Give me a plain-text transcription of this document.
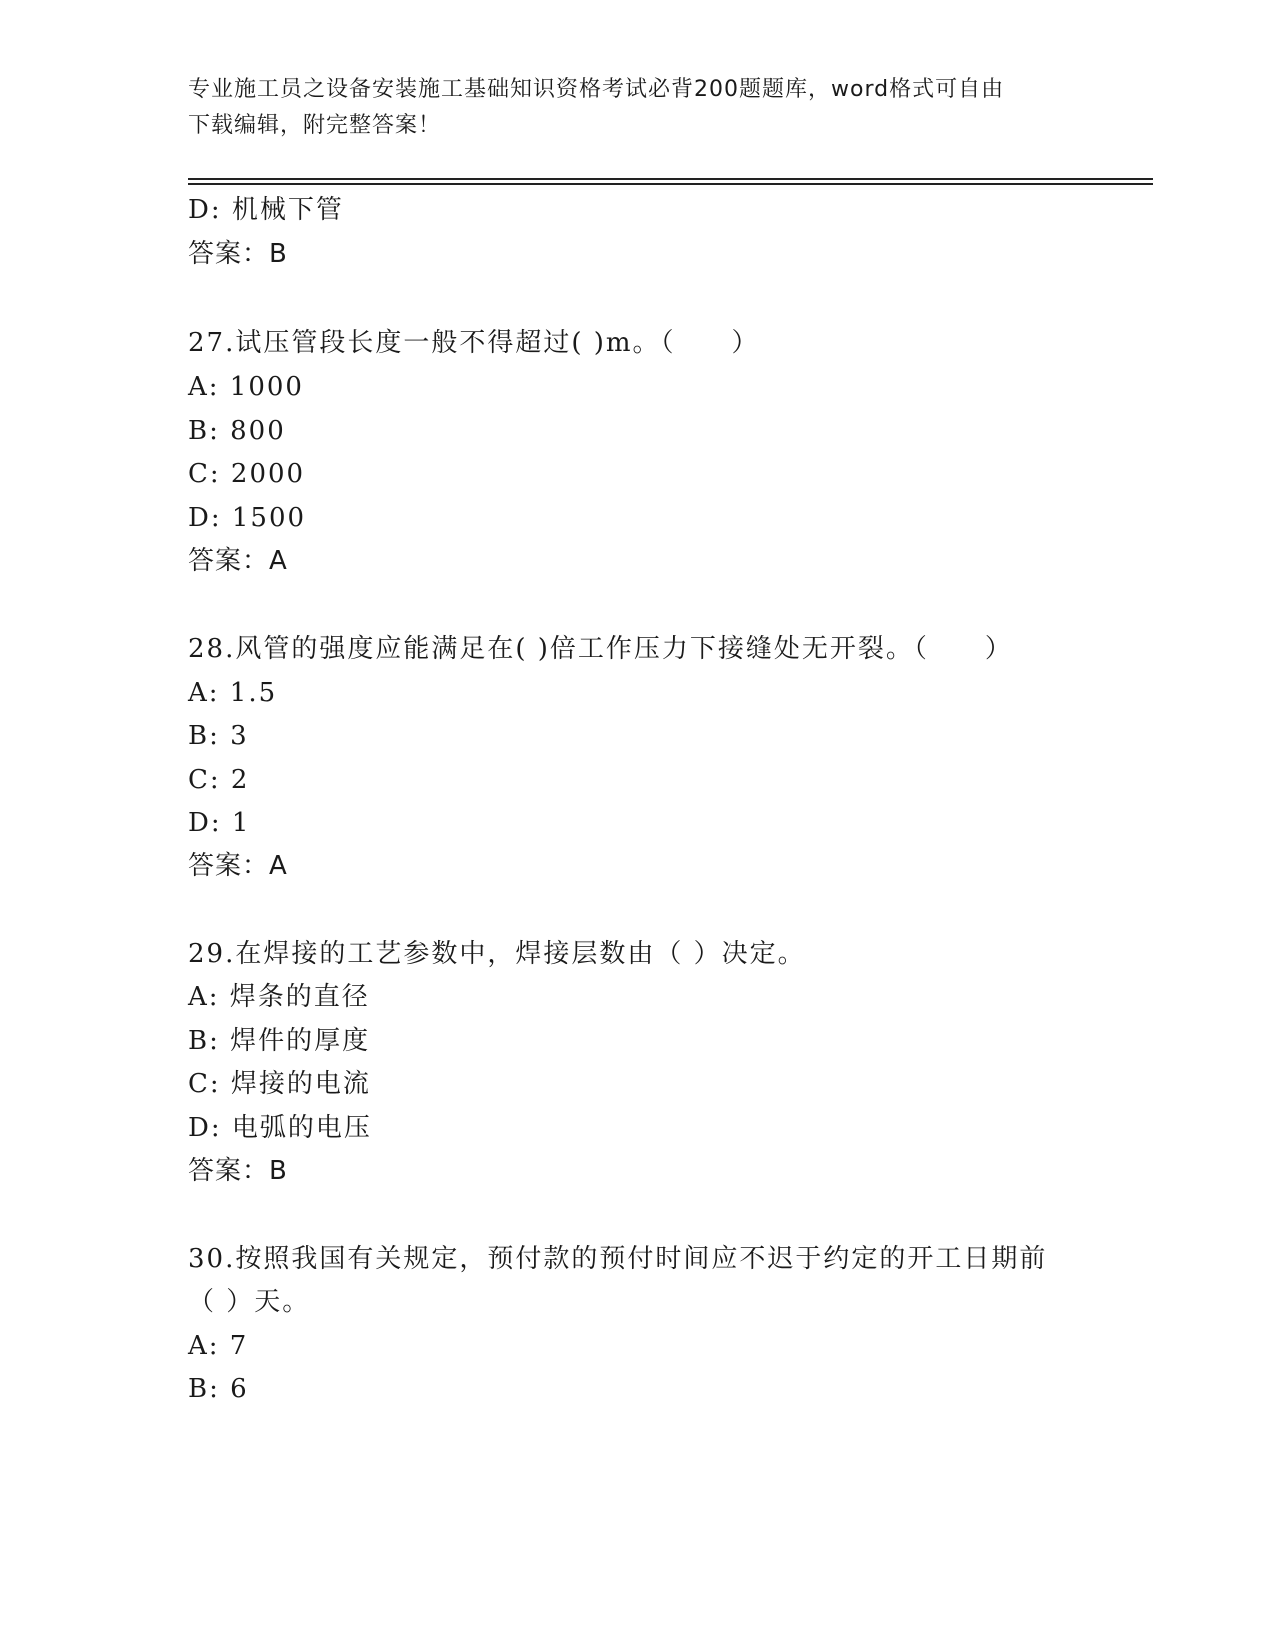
专业施工员之设备安装施工基础知识资格考试必背200题题库，word格式可自由
下载编辑，附完整答案！
D: 机械下管
答案：B
27.试压管段长度一般不得超过( )m。（　　）
A: 1000
B: 800
C: 2000
D: 1500
答案：A
28.风管的强度应能满足在( )倍工作压力下接缝处无开裂。（　　）
A: 1.5
B: 3
C: 2
D: 1
答案：A
29.在焊接的工艺参数中，焊接层数由（ ）决定。
A: 焊条的直径
B: 焊件的厚度
C: 焊接的电流
D: 电弧的电压
答案：B
30.按照我国有关规定，预付款的预付时间应不迟于约定的开工日期前
（ ）天。
A: 7
B: 6
